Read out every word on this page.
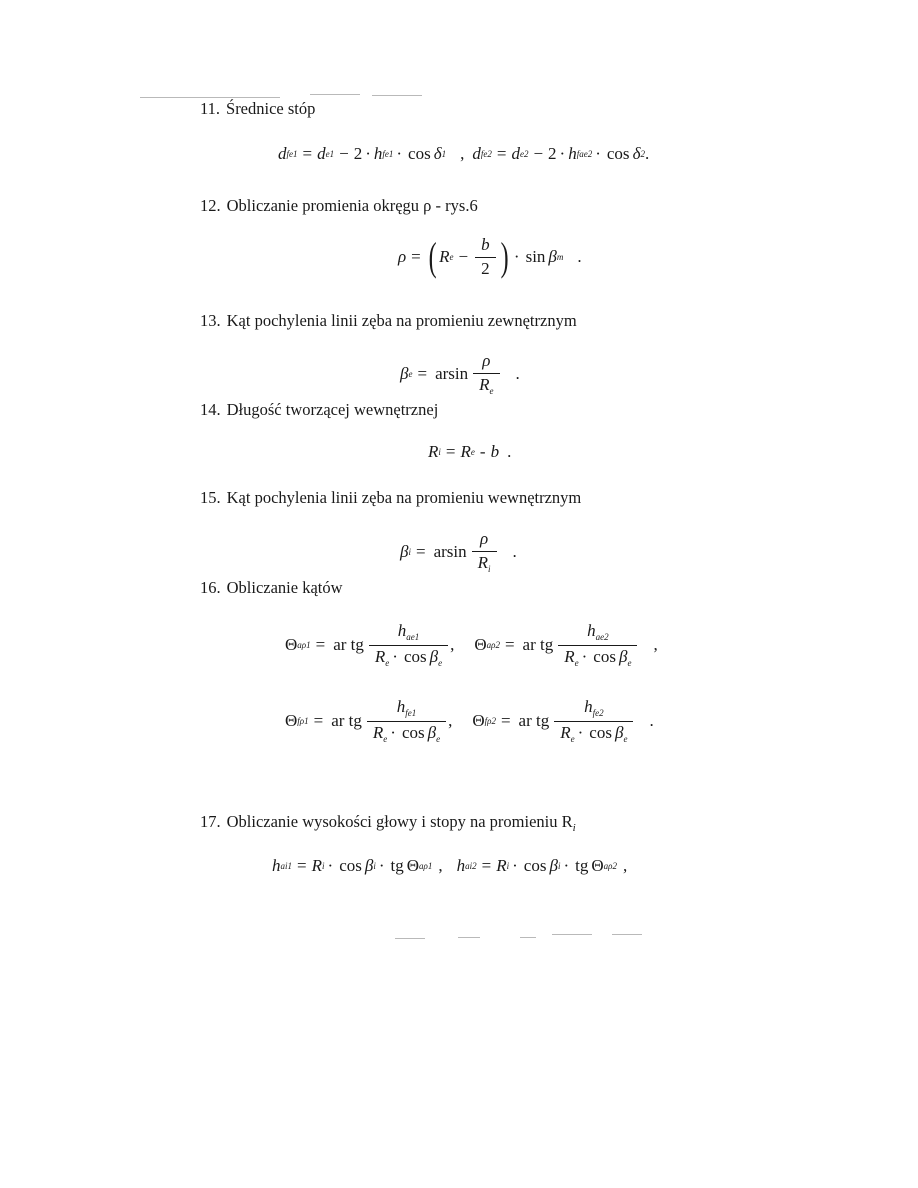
11. Średnice stóp
d fe1 = d e1 − 2 · h fe1 · cos δ 1 , d fe2 = d e2 − 2 · h fae2 · cos δ 2 .
12. Obliczanie promienia okręgu ρ - rys.6
ρ = ( R $e - \frac{b}{2}$ ) · sin β m .
13. Kąt pochylenia linii zęba na promieniu zewnętrznym
β e = arsin $\frac{\rho}{R_e}$ .
14. Długość tworzącej wewnętrznej
R i = R e - b .
15. Kąt pochylenia linii zęba na promieniu wewnętrznym
β i = arsin $\frac{\rho}{R_i}$ .
16. Obliczanie kątów
Θ aρ1 = ar tg $\frac{h_{ae1}}{R_e \cdot \cos \beta_e}$ , Θ aρ2 = ar tg $\frac{h_{ae2}}{R_e \cdot \cos \beta_e}$ ,
Θ fρ1 = ar tg $\frac{h_{fe1}}{R_e \cdot \cos \beta_e}$ , Θ fρ2 = ar tg $\frac{h_{fe2}}{R_e \cdot \cos \beta_e}$ .
17. Obliczanie wysokości głowy i stopy na promieniu $R_i$
h ai1 = R i · cos β i · tg Θ aρ1 , h ai2 = R i · cos β i · tg Θ aρ2 ,
